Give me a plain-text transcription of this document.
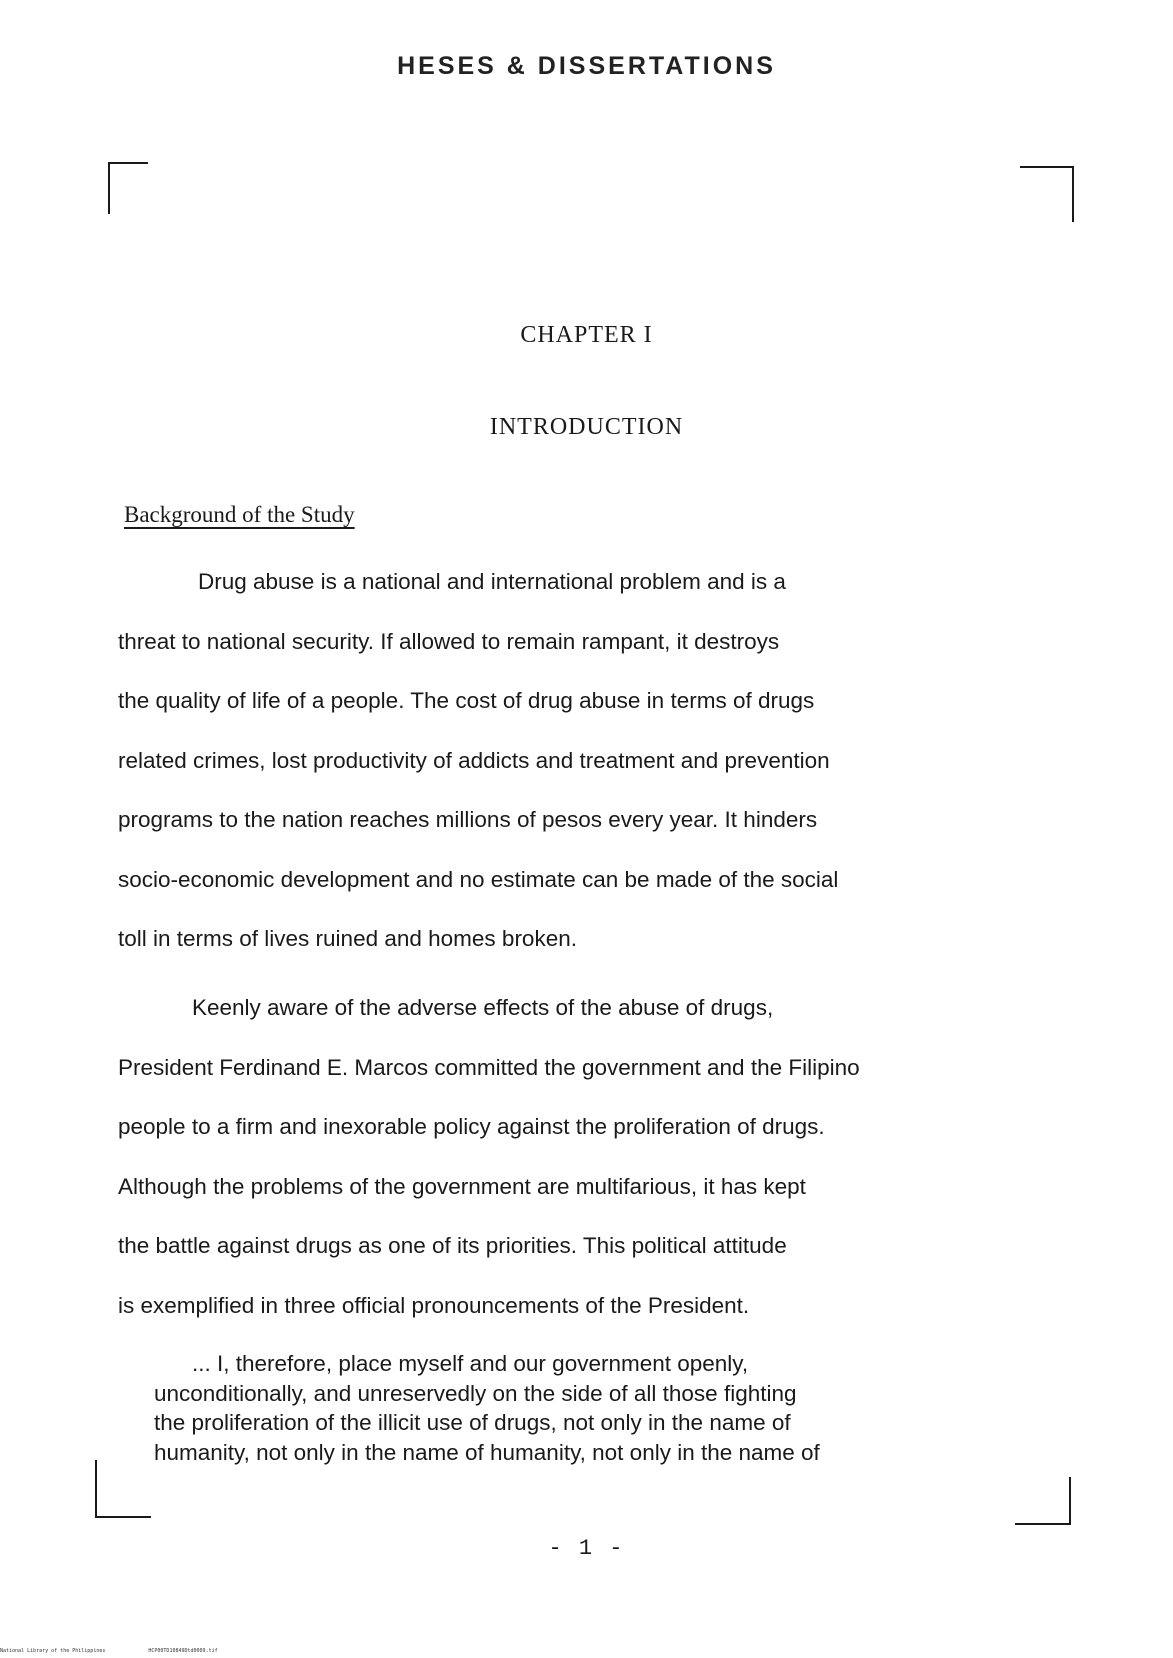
HESES & DISSERTATIONS
CHAPTER I
INTRODUCTION
Background of the Study
Drug abuse is a national and international problem and is a
threat to national security. If allowed to remain rampant, it destroys
the quality of life of a people. The cost of drug abuse in terms of drugs
related crimes, lost productivity of addicts and treatment and prevention
programs to the nation reaches millions of pesos every year. It hinders
socio-economic development and no estimate can be made of the social
toll in terms of lives ruined and homes broken.
Keenly aware of the adverse effects of the abuse of drugs,
President Ferdinand E. Marcos committed the government and the Filipino
people to a firm and inexorable policy against the proliferation of drugs.
Although the problems of the government are multifarious, it has kept
the battle against drugs as one of its priorities. This political attitude
is exemplified in three official pronouncements of the President.
... I, therefore, place myself and our government openly,
unconditionally, and unreservedly on the side of all those fighting
the proliferation of the illicit use of drugs, not only in the name of
humanity, not only in the name of humanity, not only in the name of
- 1 -
National Library of the Philippines	HCP00TD10849Dtd0009.tif
